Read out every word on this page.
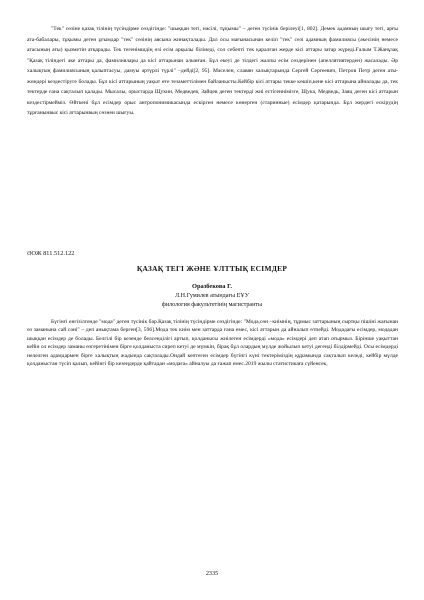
"Тек" сөзіне қазақ тілінің түсіндірме сөздігінде: "шыққан тегі, нәсілі, тұқымы" – деген түсінік берілеуі[1, 802]. Демек адамның шығу тегі, арғы ата-бабалары, тұқымы деген ұғымдар "тек" сөзінің аясына жинақталады. Дал осы мағынасынан келіп "тек" сөзі адамның фамилиясы (әкесінің немесе атасының аты) қызметін атқарады. Тек тегенімшдің өзі есім арқылы білінеді, сол себепті тек қаралған жерде кісі аттары затар жүреді.Ғалым Т.Жанұзақ "Қазақ тіліндегі әке аттары да, фамилиялары да кісі аттарынан алынған. Бұл екеуі де тілдегі жалпы есім сөздерінен (апеллятивтерден) жасалады. Әр халықтың фамилиясының қалыптасуы, дамуы әртүрлі түрлі" –дейді[2, 95]. Мәселен, славян халықтарында Сергей Сергеевич, Петров Петр деген аты-жөндері кездестіруге болады. Бұл кісі аттарының уақыт өте тезаметтілімен байланысты.Кейбір кісі аттары текке көшіп,кене кісі аттарына айналады да, тек тектерде ғана сақталып қалады. Мысалы, орыстарда Щукин, Медведев, Зайцев деген тектерді жиі естігеннімізге, Щука, Медведь, Заяц деген кісі аттарын кездестірмейміз. Өйткені бұл есімдер орыс антропонимикасында ескірген немесе көнерген (старинные) есімдер қатарында. Бұл жердегі ескірудің тұрғанынвыс кісі аттарынвың сөзнен шығуы.

ӘОЖ 811.512.122
ҚАЗАҚ ТЕГІ ЖӘНЕ ҰЛТТЫҚ ЕСІМДЕР
Оразбекова Г.
Л.Н.Гумилев атындағы ЕҰУ
филология факультетінің магистранты

Бүгінгі енгізілгенде "мода" деген түсінік бар.Қазақ тілінің түсіндірме сөздігінде: "Мода,сөн –киімнің, тұрмыс заттарының сыртқы пішіні жағынан өз заманына сай сәні" – деп анықтама берген[3, 596].Мода тек киім мен заттарда ғана емес, кісі аттарын да айналып өтпейді. Модадағы есімдер, модадан шыққан есімдер де болады. Белгілі бір кезенде белсенділігі артып, қолданысы жиілеген есімдерді «мода» есімдері деп атап отырмыз. Бірінше уақыттан кейін ол есімдер заманы өзгеретінімен бірге қолданыста сиреп кетуі де мүмкін, бірақ бұл олардың мүлде жойылып кетуі дегенді білдірмейді. Осы есімдерді нелелген адамдармен бірге халықтың жадында сақталады.Ондай кептеген есімдер бүгінгі күні тектеріміздің құрамында сақталып келеді, кейбір мүлде қолданыстан түсіп қалып, кейінгі бір кезеңдерде қайтадан «модаға» айналуы да ғажап емес.2019 жылы статистикаға сүйенсек,

2335
